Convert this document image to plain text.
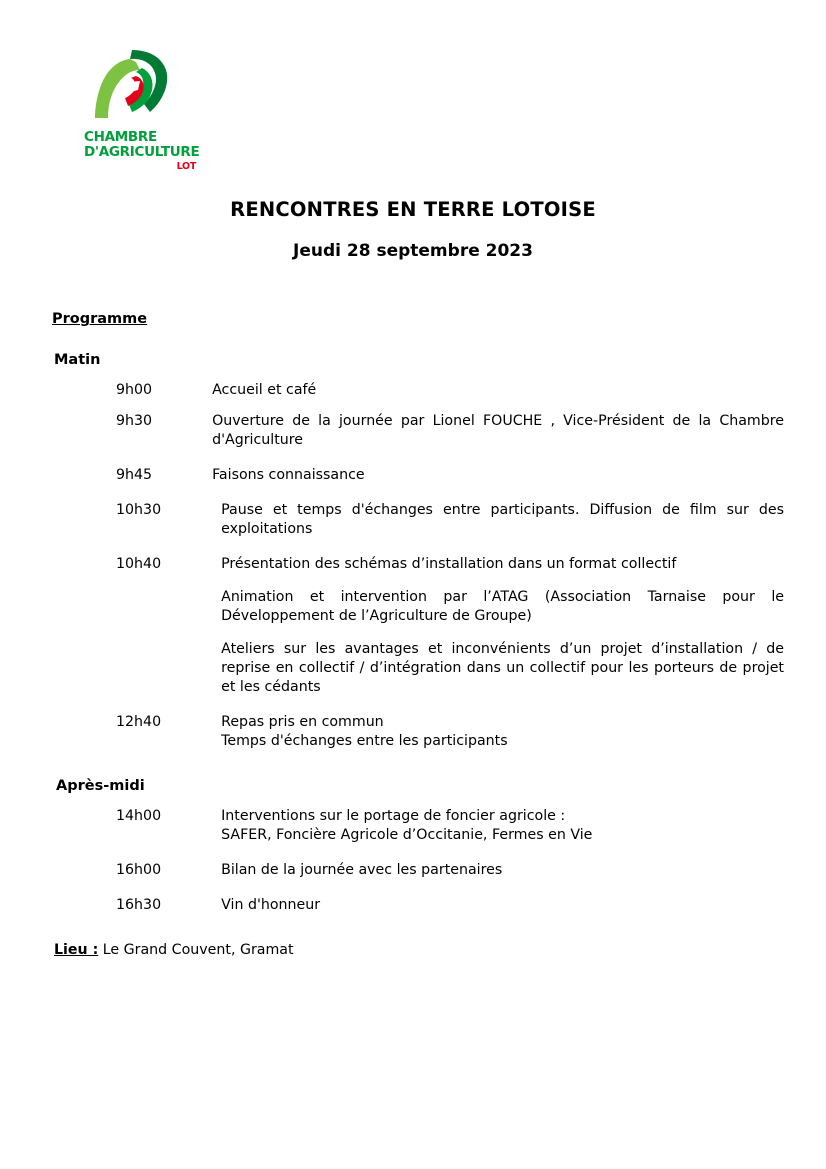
CHAMBRE
D'AGRICULTURE
LOT
RENCONTRES EN TERRE LOTOISE
Jeudi 28 septembre 2023
Programme
Matin
9h00	Accueil et café

9h30	Ouverture de la journée par Lionel FOUCHE , Vice-Président de la Chambre d'Agriculture

9h45	Faisons connaissance

10h30	Pause et temps d'échanges entre participants. Diffusion de film sur des exploitations

10h40	Présentation des schémas d’installation dans un format collectif

Animation et intervention par l’ATAG (Association Tarnaise pour le Développement de l’Agriculture de Groupe)

Ateliers sur les avantages et inconvénients d’un projet d’installation / de reprise en collectif / d’intégration dans un collectif pour les porteurs de projet et les cédants

12h40	Repas pris en commun

Temps d'échanges entre les participants

Après-midi
14h00	Interventions sur le portage de foncier agricole :

SAFER, Foncière Agricole d’Occitanie, Fermes en Vie

16h00	Bilan de la journée avec les partenaires

16h30	Vin d'honneur

Lieu : Le Grand Couvent, Gramat
